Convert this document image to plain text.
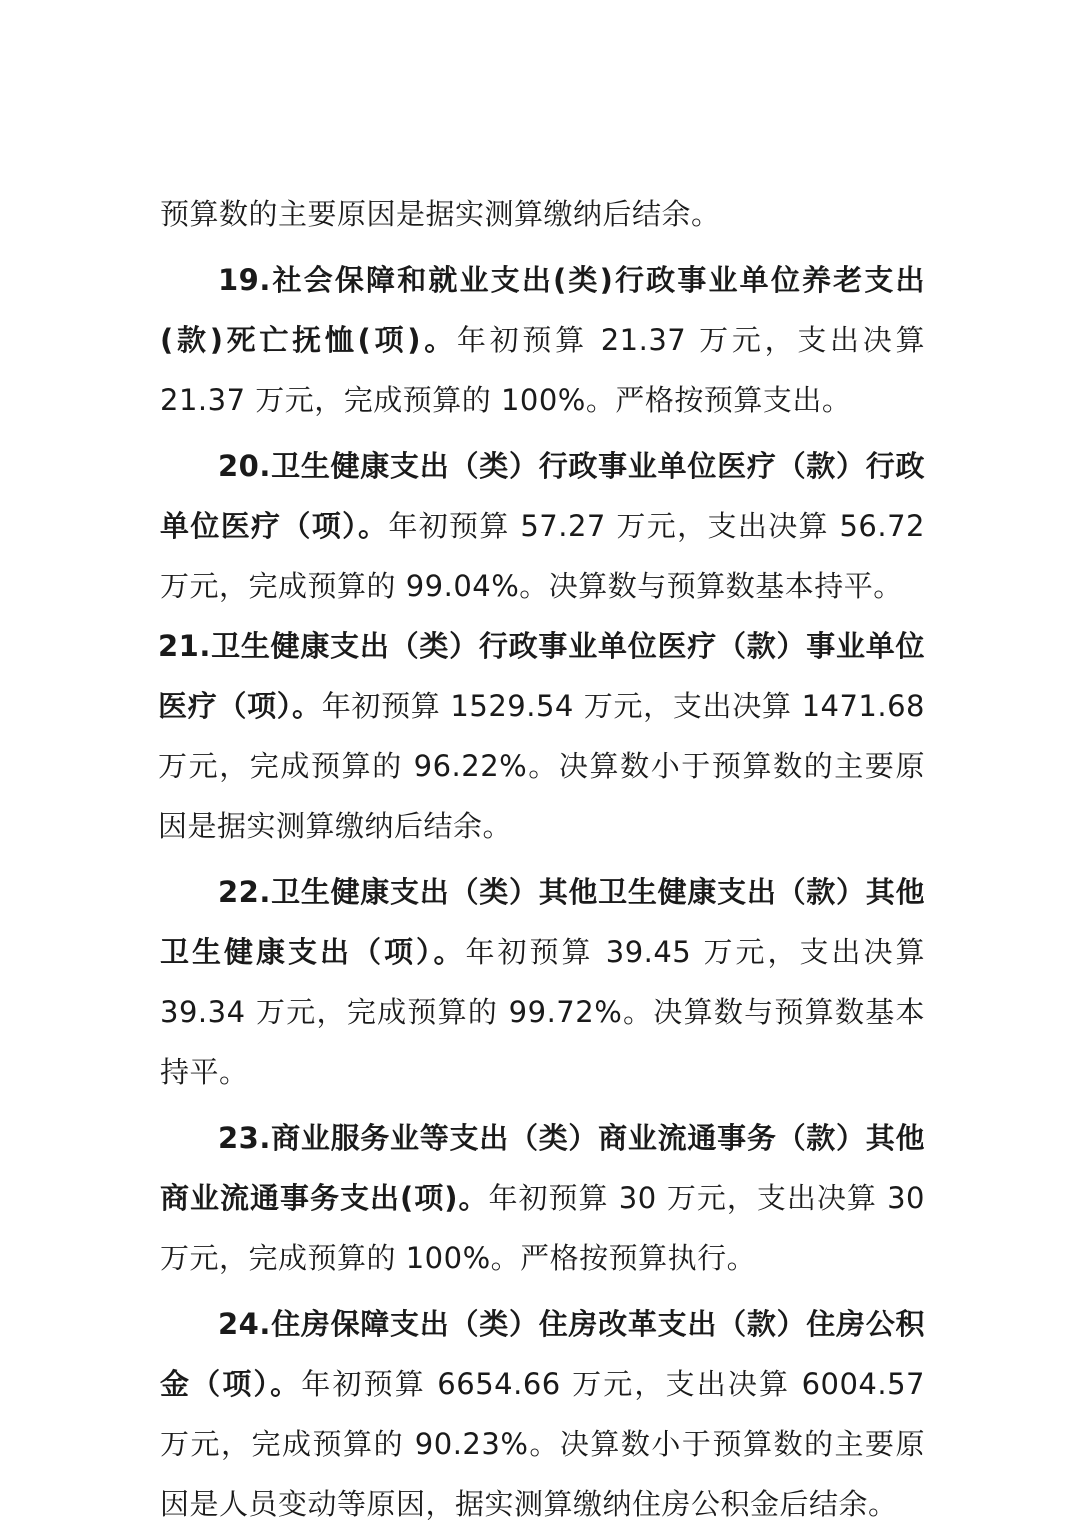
预算数的主要原因是据实测算缴纳后结余。

19.社会保障和就业支出(类)行政事业单位养老支出(款)死亡抚恤(项)。年初预算 21.37 万元，支出决算 21.37 万元，完成预算的 100%。严格按预算支出。

20.卫生健康支出（类）行政事业单位医疗（款）行政单位医疗（项）。年初预算 57.27 万元，支出决算 56.72 万元，完成预算的 99.04%。决算数与预算数基本持平。

21.卫生健康支出（类）行政事业单位医疗（款）事业单位医疗（项）。年初预算 1529.54 万元，支出决算 1471.68 万元，完成预算的 96.22%。决算数小于预算数的主要原因是据实测算缴纳后结余。

22.卫生健康支出（类）其他卫生健康支出（款）其他卫生健康支出（项）。年初预算 39.45 万元，支出决算 39.34 万元，完成预算的 99.72%。决算数与预算数基本持平。

23.商业服务业等支出（类）商业流通事务（款）其他商业流通事务支出(项)。年初预算 30 万元，支出决算 30 万元，完成预算的 100%。严格按预算执行。

24.住房保障支出（类）住房改革支出（款）住房公积金（项）。年初预算 6654.66 万元，支出决算 6004.57 万元，完成预算的 90.23%。决算数小于预算数的主要原因是人员变动等原因，据实测算缴纳住房公积金后结余。
